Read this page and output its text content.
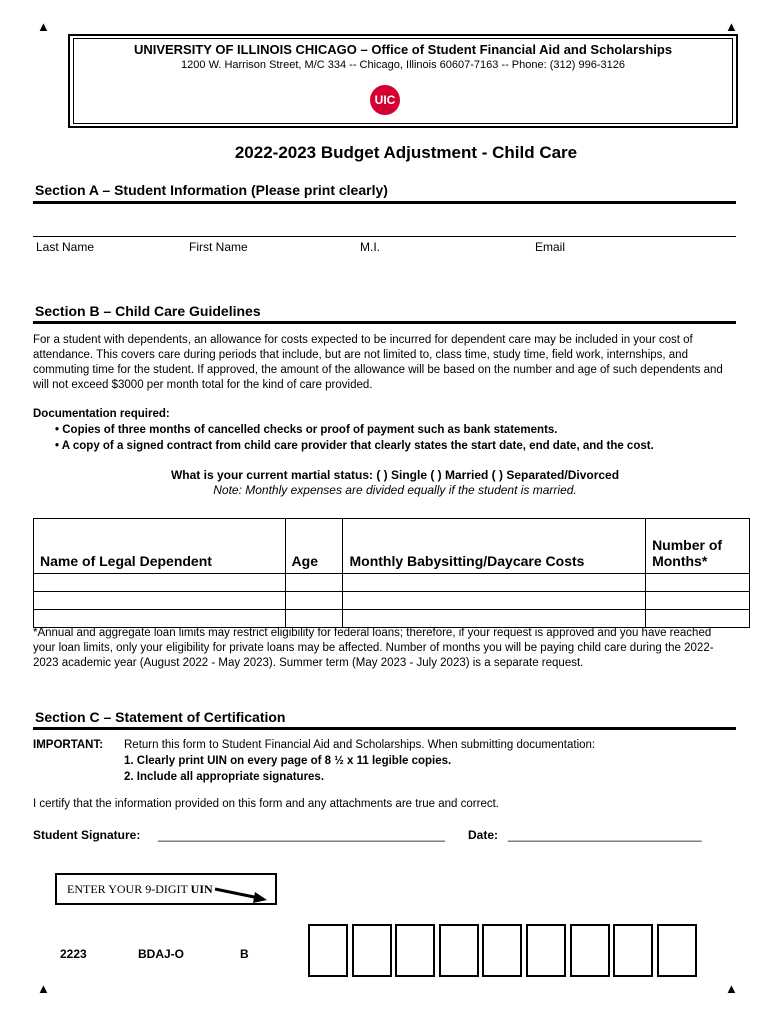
▲	▲
▲	▲
UNIVERSITY OF ILLINOIS CHICAGO – Office of Student Financial Aid and Scholarships
1200 W. Harrison Street, M/C 334 -- Chicago, Illinois 60607-7163 -- Phone: (312) 996-3126
UIC
2022-2023 Budget Adjustment - Child Care
Section A – Student Information (Please print clearly)
Last Name	First Name	M.I.	Email
Section B – Child Care Guidelines
For a student with dependents, an allowance for costs expected to be incurred for dependent care may be included in your cost of attendance. This covers care during periods that include, but are not limited to, class time, study time, field work, internships, and commuting time for the student. If approved, the amount of the allowance will be based on the number and age of such dependents and will not exceed $3000 per month total for the kind of care provided.
Documentation required:
• Copies of three months of cancelled checks or proof of payment such as bank statements.
• A copy of a signed contract from child care provider that clearly states the start date, end date, and the cost.
What is your current martial status: ( ) Single ( ) Married ( ) Separated/Divorced
Note: Monthly expenses are divided equally if the student is married.
Name of Legal Dependent	Age	Monthly Babysitting/Daycare Costs	Number of Months*

*Annual and aggregate loan limits may restrict eligibility for federal loans; therefore, if your request is approved and you have reached your loan limits, only your eligibility for private loans may be affected. Number of months you will be paying child care during the 2022-2023 academic year (August 2022 - May 2023). Summer term (May 2023 - July 2023) is a separate request.
Section C – Statement of Certification
IMPORTANT: Return this form to Student Financial Aid and Scholarships. When submitting documentation:
1. Clearly print UIN on every page of 8 ½ x 11 legible copies.
2. Include all appropriate signatures.
I certify that the information provided on this form and any attachments are true and correct.
Student Signature: ___________________________________________ Date: _____________________________
ENTER YOUR 9-DIGIT UIN
2223	BDAJ-O	B
